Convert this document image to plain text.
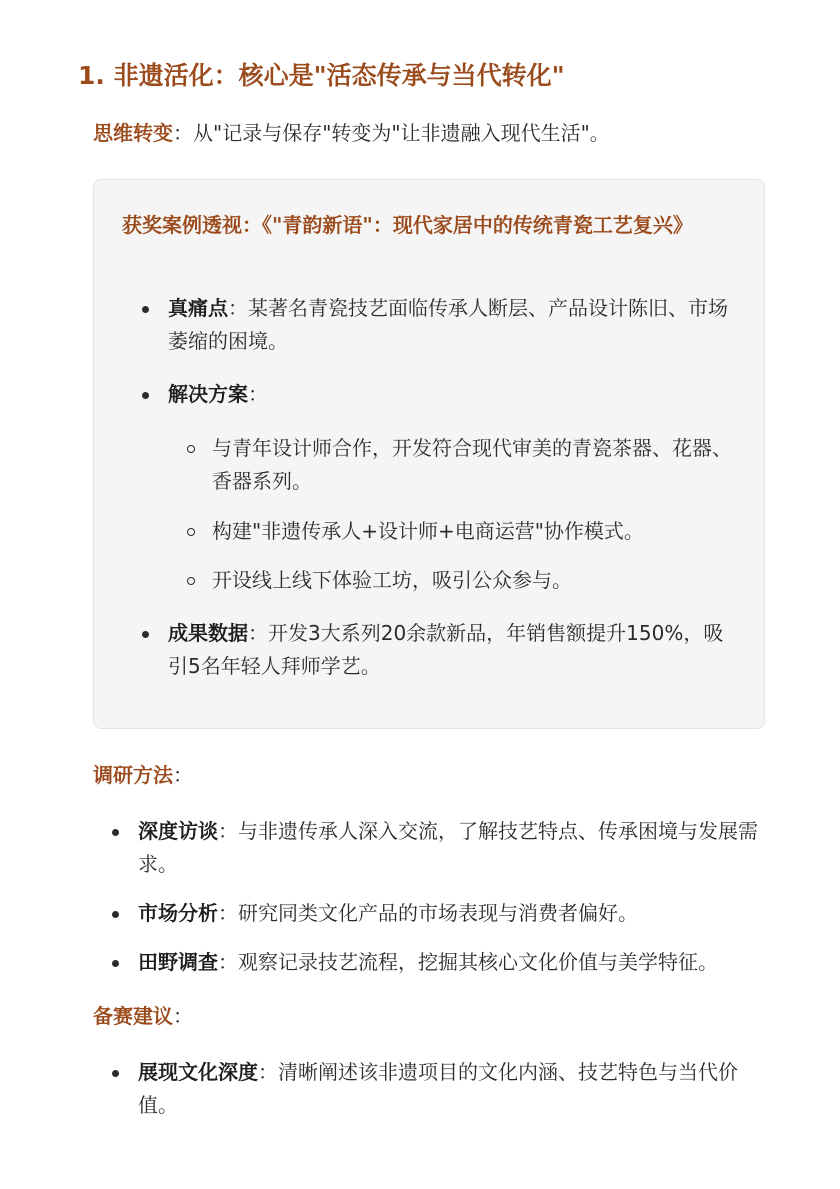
1. 非遗活化：核心是"活态传承与当代转化"

思维转变：从"记录与保存"转变为"让非遗融入现代生活"。

获奖案例透视：《"青韵新语"：现代家居中的传统青瓷工艺复兴》

真痛点：某著名青瓷技艺面临传承人断层、产品设计陈旧、市场萎缩的困境。
解决方案：
与青年设计师合作，开发符合现代审美的青瓷茶器、花器、香器系列。
构建"非遗传承人+设计师+电商运营"协作模式。
开设线上线下体验工坊，吸引公众参与。
成果数据：开发3大系列20余款新品，年销售额提升150%，吸引5名年轻人拜师学艺。

调研方法：

深度访谈：与非遗传承人深入交流，了解技艺特点、传承困境与发展需求。
市场分析：研究同类文化产品的市场表现与消费者偏好。
田野调查：观察记录技艺流程，挖掘其核心文化价值与美学特征。

备赛建议：

展现文化深度：清晰阐述该非遗项目的文化内涵、技艺特色与当代价值。
